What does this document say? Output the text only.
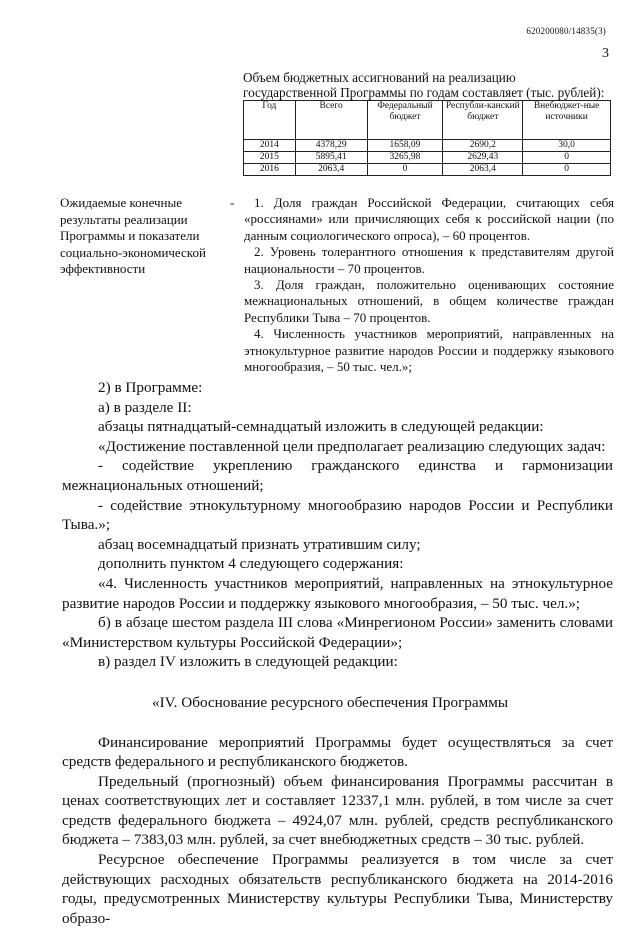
620200080/14835(3)
3
Объем бюджетных ассигнований на реализацию государственной Программы по годам составляет (тыс. рублей):
Год	Всего	Федеральный бюджет	Республи-канский бюджет	Внебюджет-ные источники
2014	4378,29	1658,09	2690,2	30,0
2015	5895,41	3265,98	2629,43	0
2016	2063,4	0	2063,4	0
Ожидаемые конечные результаты реализации Программы и показатели социально-экономической эффективности
-	1. Доля граждан Российской Федерации, считающих себя «россиянами» или причисляющих себя к российской нации (по данным социологического опроса), – 60 процентов.

2. Уровень толерантного отношения к представителям другой национальности – 70 процентов.

3. Доля граждан, положительно оценивающих состояние межнациональных отношений, в общем количестве граждан Республики Тыва – 70 процентов.

4. Численность участников мероприятий, направленных на этнокультурное развитие народов России и поддержку языкового многообразия, – 50 тыс. чел.»;

2) в Программе:

а) в разделе II:

абзацы пятнадцатый-семнадцатый изложить в следующей редакции:

«Достижение поставленной цели предполагает реализацию следующих задач:

- содействие укреплению гражданского единства и гармонизации межнациональных отношений;

- содействие этнокультурному многообразию народов России и Республики Тыва.»;

абзац восемнадцатый признать утратившим силу;

дополнить пунктом 4 следующего содержания:

«4. Численность участников мероприятий, направленных на этнокультурное развитие народов России и поддержку языкового многообразия, – 50 тыс. чел.»;

б) в абзаце шестом раздела III слова «Минрегионом России» заменить словами «Министерством культуры Российской Федерации»;

в) раздел IV изложить в следующей редакции:

«IV. Обоснование ресурсного обеспечения Программы

Финансирование мероприятий Программы будет осуществляться за счет средств федерального и республиканского бюджетов.

Предельный (прогнозный) объем финансирования Программы рассчитан в ценах соответствующих лет и составляет 12337,1 млн. рублей, в том числе за счет средств федерального бюджета – 4924,07 млн. рублей, средств республиканского бюджета – 7383,03 млн. рублей, за счет внебюджетных средств – 30 тыс. рублей.

Ресурсное обеспечение Программы реализуется в том числе за счет действующих расходных обязательств республиканского бюджета на 2014-2016 годы, предусмотренных Министерству культуры Республики Тыва, Министерству образо-
